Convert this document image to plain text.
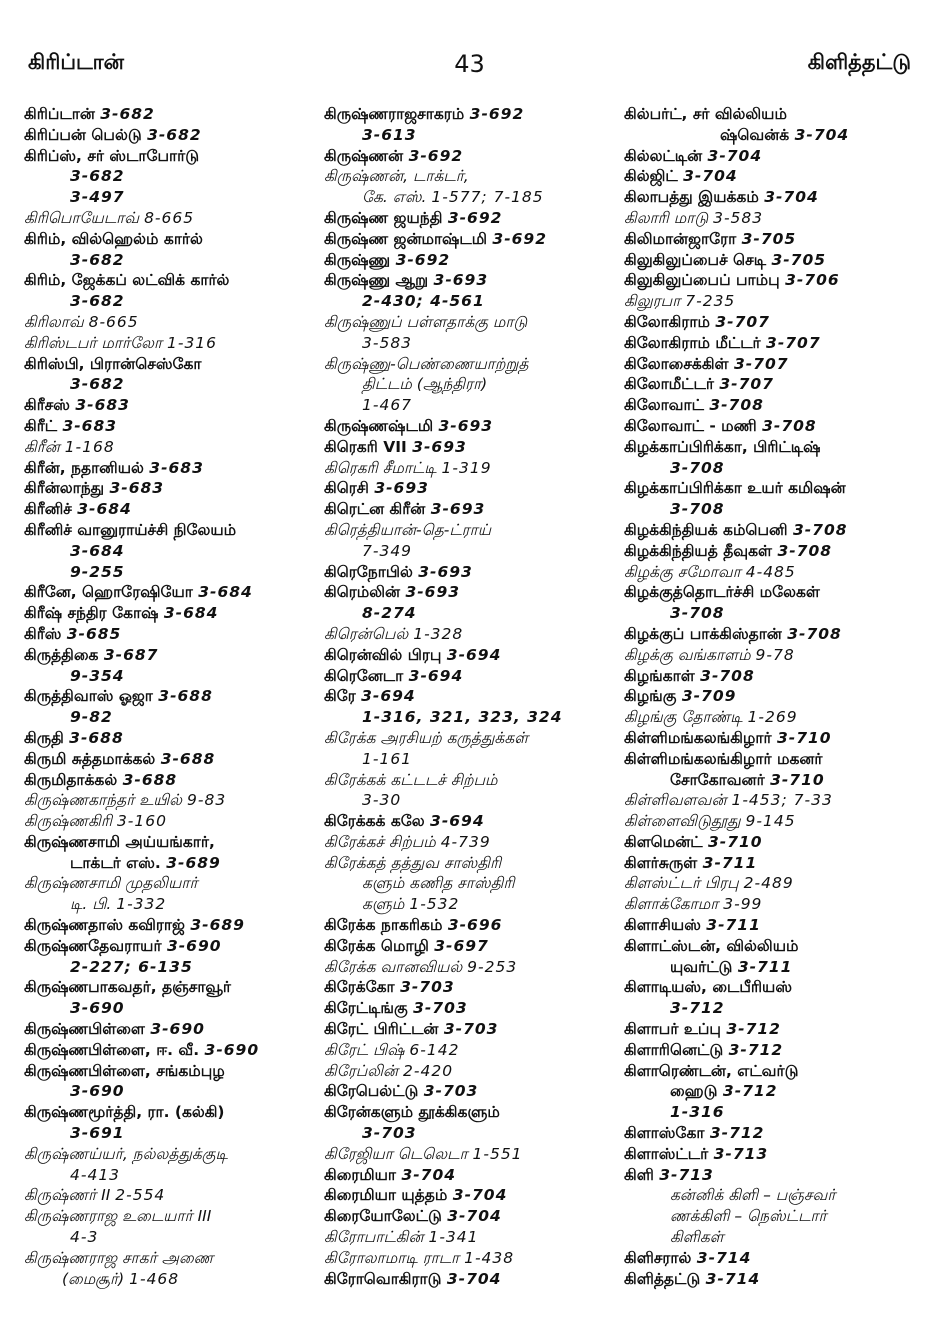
கிரிப்டான்	43	கிளித்தட்டு
கிரிப்டான் 3-682
கிரிப்பன் பெல்டு 3-682
கிரிப்ஸ், சர் ஸ்டாபோர்டு
3-682
3-497
கிரிபொயேடாவ் 8-665
கிரிம், வில்ஹெல்ம் கார்ல்
3-682
கிரிம், ஜேக்கப் லட்விக் கார்ல்
3-682
கிரிலாவ் 8-665
கிரிஸ்டபர் மார்லோ 1-316
கிரிஸ்பி, பிரான்செஸ்கோ
3-682
கிரீசஸ் 3-683
கிரீட் 3-683
கிரீன் 1-168
கிரீன், நதானியல் 3-683
கிரீன்லாந்து 3-683
கிரீனிச் 3-684
கிரீனிச் வானுராய்ச்சி நிலேயம்
3-684
9-255
கிரீனே, ஹொரேஷியோ 3-684
கிரீஷ் சந்திர கோஷ் 3-684
கிரீஸ் 3-685
கிருத்திகை 3-687
9-354
கிருத்திவாஸ் ஓஜா 3-688
9-82
கிருதி 3-688
கிருமி சுத்தமாக்கல் 3-688
கிருமிதாக்கல் 3-688
கிருஷ்ணகாந்தர் உயில் 9-83
கிருஷ்ணகிரி 3-160
கிருஷ்ணசாமி அய்யங்கார்,
டாக்டர் எஸ். 3-689
கிருஷ்ணசாமி முதலியார்
டி. பி. 1-332
கிருஷ்ணதாஸ் கவிராஜ் 3-689
கிருஷ்ணதேவராயர் 3-690
2-227; 6-135
கிருஷ்ணபாகவதர், தஞ்சாவூர்
3-690
கிருஷ்ணபிள்ளை 3-690
கிருஷ்ணபிள்ளை, ஈ. வீ. 3-690
கிருஷ்ணபிள்ளை, சங்கம்புழ
3-690
கிருஷ்ணமூர்த்தி, ரா. (கல்கி)
3-691
கிருஷ்ணய்யர், நல்லத்துக்குடி
4-413
கிருஷ்ணர் II 2-554
கிருஷ்ணராஜ உடையார் III
4-3
கிருஷ்ணராஜ சாகர் அணை
(மைசூர்) 1-468
கிருஷ்ணராஜசாகரம் 3-692
3-613
கிருஷ்ணன் 3-692
கிருஷ்ணன், டாக்டர்,
கே. எஸ். 1-577; 7-185
கிருஷ்ண ஜயந்தி 3-692
கிருஷ்ண ஜன்மாஷ்டமி 3-692
கிருஷ்ணு 3-692
கிருஷ்ணு ஆறு 3-693
2-430; 4-561
கிருஷ்ணுப் பள்ளதாக்கு மாடு
3-583
கிருஷ்ணு-பெண்ணையாற்றுத்
திட்டம் (ஆந்திரா)
1-467
கிருஷ்ணஷ்டமி 3-693
கிரெகரி VII 3-693
கிரெகரி சீமாட்டி 1-319
கிரெசி 3-693
கிரெட்ன கிரீன் 3-693
கிரெத்தியான்-தெ-ட்ராய்
7-349
கிரெநோபில் 3-693
கிரெம்லின் 3-693
8-274
கிரென்பெல் 1-328
கிரென்வில் பிரபு 3-694
கிரெனேடா 3-694
கிரே 3-694
1-316, 321, 323, 324
கிரேக்க அரசியற் கருத்துக்கள்
1-161
கிரேக்கக் கட்டடச் சிற்பம்
3-30
கிரேக்கக் கலே 3-694
கிரேக்கச் சிற்பம் 4-739
கிரேக்கத் தத்துவ சாஸ்திரி
களும் கணித சாஸ்திரி
களும் 1-532
கிரேக்க நாகரிகம் 3-696
கிரேக்க மொழி 3-697
கிரேக்க வானவியல் 9-253
கிரேக்கோ 3-703
கிரேட்டிங்கு 3-703
கிரேட் பிரிட்டன் 3-703
கிரேட் பிஷ் 6-142
கிரேப்லின் 2-420
கிரேபெல்ட்டு 3-703
கிரேன்களும் தூக்கிகளும்
3-703
கிரேஜியா டெலெடா 1-551
கிரைமியா 3-704
கிரைமியா யுத்தம் 3-704
கிரையோலேட்டு 3-704
கிரோபாட்கின் 1-341
கிரோலாமாடி ராடா 1-438
கிரோவொகிராடு 3-704
கில்பர்ட், சர் வில்லியம்
ஷ்வென்க் 3-704
கில்லட்டின் 3-704
கில்ஜிட் 3-704
கிலாபத்து இயக்கம் 3-704
கிலாரி மாடு 3-583
கிலிமான்ஜாரோ 3-705
கிலுகிலுப்பைச் செடி 3-705
கிலுகிலுப்பைப் பாம்பு 3-706
கிலுரபா 7-235
கிலோகிராம் 3-707
கிலோகிராம் மீட்டர் 3-707
கிலோசைக்கிள் 3-707
கிலோமீட்டர் 3-707
கிலோவாட் 3-708
கிலோவாட் - மணி 3-708
கிழக்காப்பிரிக்கா, பிரிட்டிஷ்
3-708
கிழக்காப்பிரிக்கா உயர் கமிஷன்
3-708
கிழக்கிந்தியக் கம்பெனி 3-708
கிழக்கிந்தியத் தீவுகள் 3-708
கிழக்கு சமோவா 4-485
கிழக்குத்தொடர்ச்சி மலேகள்
3-708
கிழக்குப் பாக்கிஸ்தான் 3-708
கிழக்கு வங்காளம் 9-78
கிழங்காள் 3-708
கிழங்கு 3-709
கிழங்கு தோண்டி 1-269
கிள்ளிமங்கலங்கிழார் 3-710
கிள்ளிமங்கலங்கிழார் மகனர்
சோகோவனர் 3-710
கிள்ளிவளவன் 1-453; 7-33
கிள்ளைவிடுதூது 9-145
கிளமென்ட் 3-710
கிளர்சுருள் 3-711
கிளஸ்ட்டர் பிரபு 2-489
கிளாக்கோமா 3-99
கிளாசியஸ் 3-711
கிளாட்ஸ்டன், வில்லியம்
யுவர்ட்டு 3-711
கிளாடியஸ், டைபீரியஸ்
3-712
கிளாபர் உப்பு 3-712
கிளாரினெட்டு 3-712
கிளாரெண்டன், எட்வர்டு
ஹைடு 3-712
1-316
கிளாஸ்கோ 3-712
கிளாஸ்ட்டர் 3-713
கிளி 3-713
கன்னிக் கிளி – பஞ்சவர்
ணக்கிளி – நெஸ்ட்டார்
கிளிகள்
கிளிசரால் 3-714
கிளித்தட்டு 3-714
